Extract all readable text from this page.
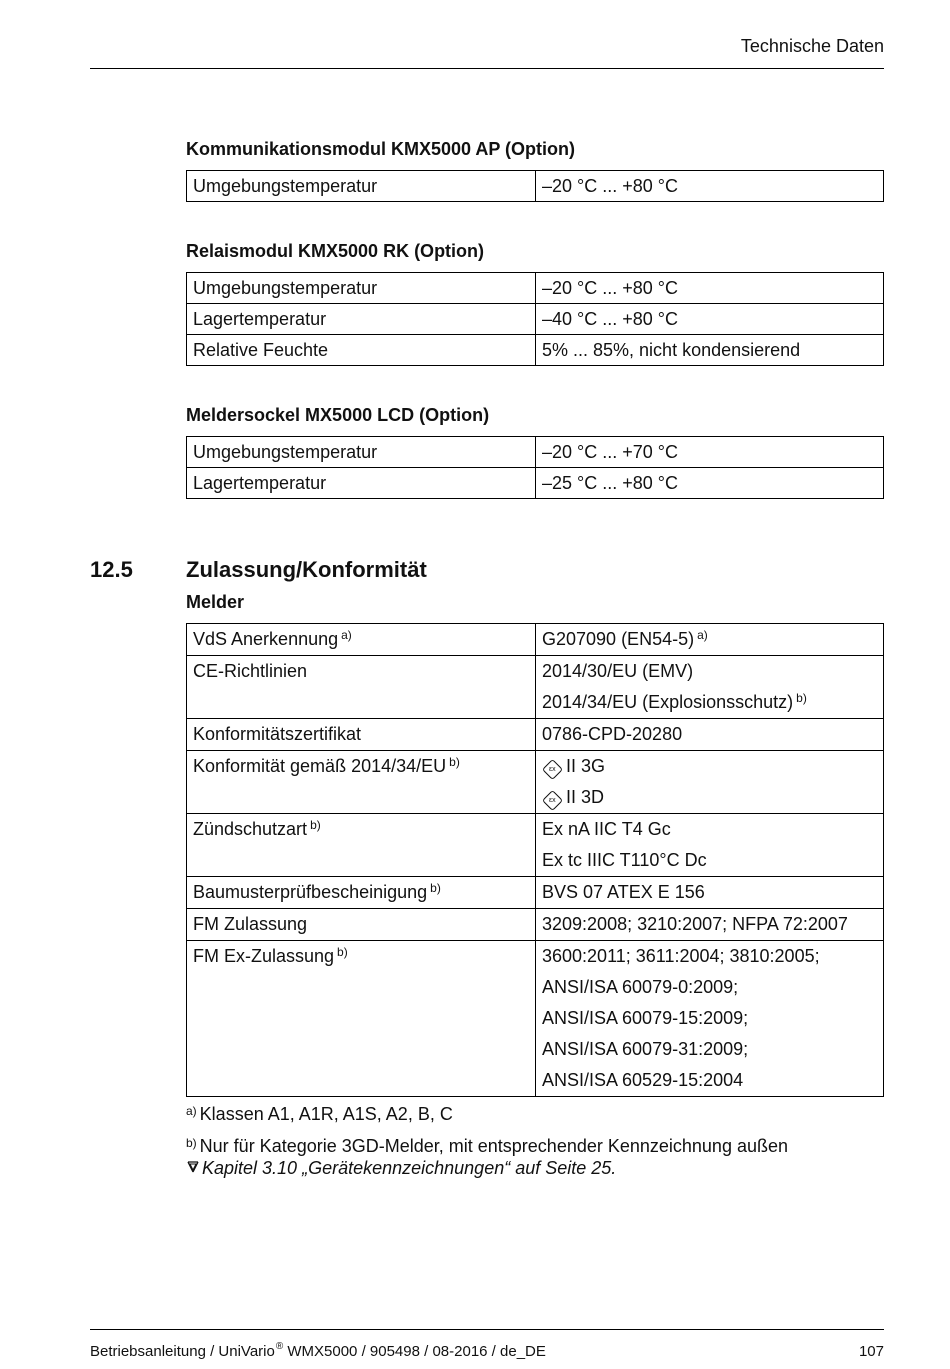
Technische Daten
Kommunikationsmodul KMX5000 AP (Option)
Umgebungstemperatur	–20 °C ... +80 °C
Relaismodul KMX5000 RK (Option)
Umgebungstemperatur	–20 °C ... +80 °C
Lagertemperatur	–40 °C ... +80 °C
Relative Feuchte	5% ... 85%, nicht kondensierend
Meldersockel MX5000 LCD (Option)
Umgebungstemperatur	–20 °C ... +70 °C
Lagertemperatur	–25 °C ... +80 °C
12.5 Zulassung/Konformität
Melder
VdS Anerkennung $^{a)}$	G207090 (EN54-5) $^{a)}$

CE-Richtlinien	2014/30/EU (EMV)
2014/34/EU (Explosionsschutz) $^{b)}$

Konformitätszertifikat	0786-CPD-20280

Konformität gemäß 2014/34/EU $^{b)}$	εx II 3G
εx II 3D

Zündschutzart $^{b)}$	Ex nA IIC T4 Gc
Ex tc IIIC T110°C Dc

Baumusterprüfbescheinigung $^{b)}$	BVS 07 ATEX E 156

FM Zulassung	3209:2008; 3210:2007; NFPA 72:2007

FM Ex-Zulassung $^{b)}$	3600:2011; 3611:2004; 3810:2005;
ANSI/ISA 60079-0:2009;
ANSI/ISA 60079-15:2009;
ANSI/ISA 60079-31:2009;
ANSI/ISA 60529-15:2004
$^{a)}$ Klassen A1, A1R, A1S, A2, B, C
$^{b)}$ Nur für Kategorie 3GD-Melder, mit entsprechender Kennzeichnung außen
Kapitel 3.10 „Gerätekennzeichnungen“ auf Seite 25.
Betriebsanleitung / UniVario® WMX5000 / 905498 / 08-2016 / de_DE	107
